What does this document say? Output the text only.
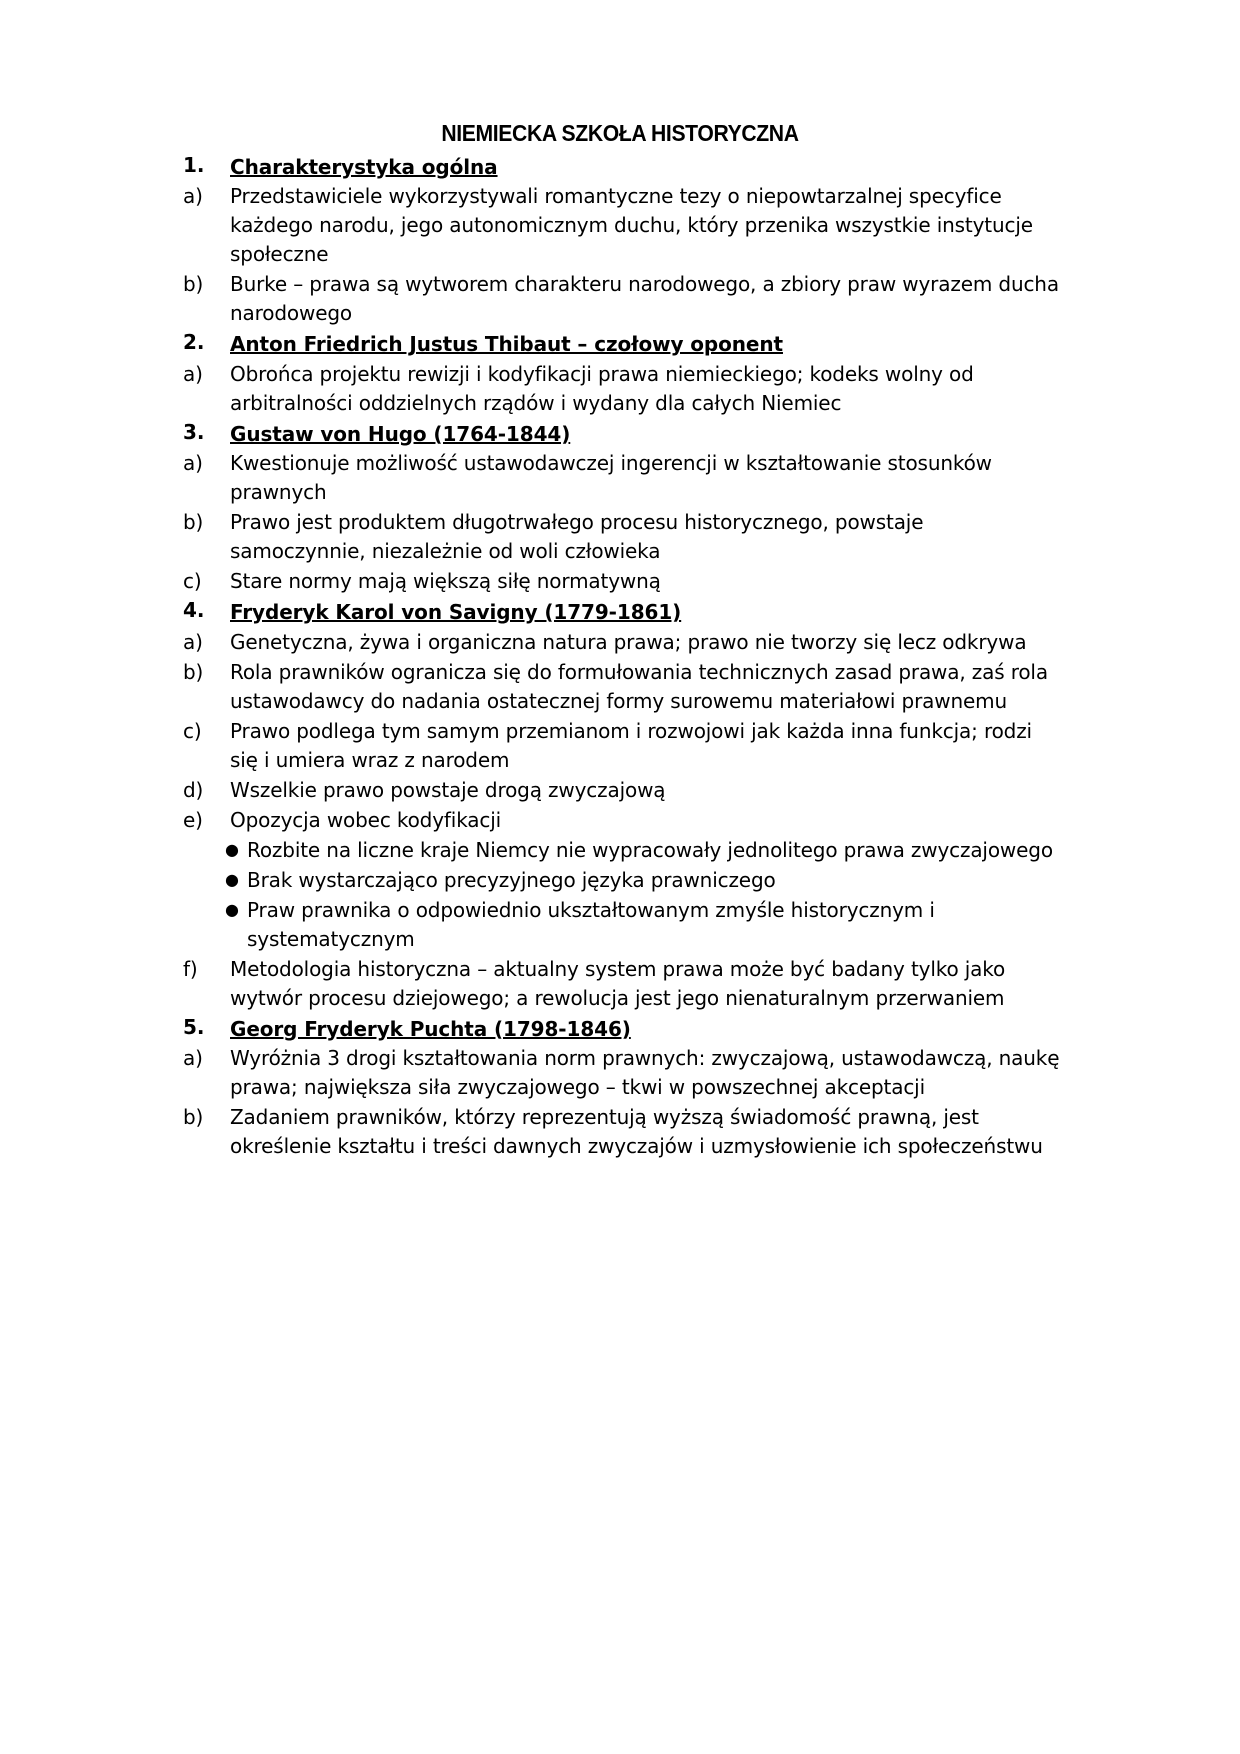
NIEMIECKA SZKOŁA HISTORYCZNA
1. Charakterystyka ogólna
a) Przedstawiciele wykorzystywali romantyczne tezy o niepowtarzalnej specyfice każdego narodu, jego autonomicznym duchu, który przenika wszystkie instytucje społeczne
b) Burke – prawa są wytworem charakteru narodowego, a zbiory praw wyrazem ducha narodowego
2. Anton Friedrich Justus Thibaut – czołowy oponent
a) Obrońca projektu rewizji i kodyfikacji prawa niemieckiego; kodeks wolny od arbitralności oddzielnych rządów i wydany dla całych Niemiec
3. Gustaw von Hugo (1764-1844)
a) Kwestionuje możliwość ustawodawczej ingerencji w kształtowanie stosunków prawnych
b) Prawo jest produktem długotrwałego procesu historycznego, powstaje samoczynnie, niezależnie od woli człowieka
c) Stare normy mają większą siłę normatywną
4. Fryderyk Karol von Savigny (1779-1861)
a) Genetyczna, żywa i organiczna natura prawa; prawo nie tworzy się lecz odkrywa
b) Rola prawników ogranicza się do formułowania technicznych zasad prawa, zaś rola ustawodawcy do nadania ostatecznej formy surowemu materiałowi prawnemu
c) Prawo podlega tym samym przemianom i rozwojowi jak każda inna funkcja; rodzi się i umiera wraz z narodem
d) Wszelkie prawo powstaje drogą zwyczajową
e) Opozycja wobec kodyfikacji
● Rozbite na liczne kraje Niemcy nie wypracowały jednolitego prawa zwyczajowego
● Brak wystarczająco precyzyjnego języka prawniczego
● Praw prawnika o odpowiednio ukształtowanym zmyśle historycznym i systematycznym
f) Metodologia historyczna – aktualny system prawa może być badany tylko jako wytwór procesu dziejowego; a rewolucja jest jego nienaturalnym przerwaniem
5. Georg Fryderyk Puchta (1798-1846)
a) Wyróżnia 3 drogi kształtowania norm prawnych: zwyczajową, ustawodawczą, naukę prawa; największa siła zwyczajowego – tkwi w powszechnej akceptacji
b) Zadaniem prawników, którzy reprezentują wyższą świadomość prawną, jest określenie kształtu i treści dawnych zwyczajów i uzmysłowienie ich społeczeństwu
